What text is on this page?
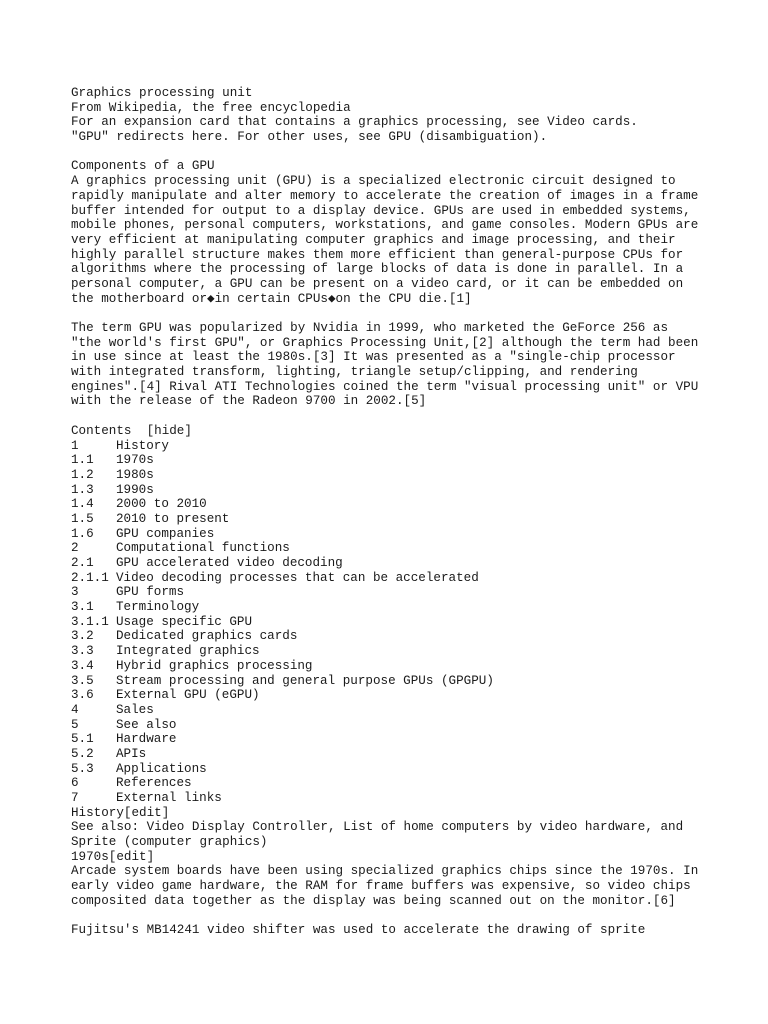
Graphics processing unit
From Wikipedia, the free encyclopedia
For an expansion card that contains a graphics processing, see Video cards.
"GPU" redirects here. For other uses, see GPU (disambiguation).
Components of a GPU
A graphics processing unit (GPU) is a specialized electronic circuit designed to
rapidly manipulate and alter memory to accelerate the creation of images in a frame
buffer intended for output to a display device. GPUs are used in embedded systems,
mobile phones, personal computers, workstations, and game consoles. Modern GPUs are
very efficient at manipulating computer graphics and image processing, and their
highly parallel structure makes them more efficient than general-purpose CPUs for
algorithms where the processing of large blocks of data is done in parallel. In a
personal computer, a GPU can be present on a video card, or it can be embedded on
the motherboard or◆in certain CPUs◆on the CPU die.[1]
The term GPU was popularized by Nvidia in 1999, who marketed the GeForce 256 as
"the world's first GPU", or Graphics Processing Unit,[2] although the term had been
in use since at least the 1980s.[3] It was presented as a "single-chip processor
with integrated transform, lighting, triangle setup/clipping, and rendering
engines".[4] Rival ATI Technologies coined the term "visual processing unit" or VPU
with the release of the Radeon 9700 in 2002.[5]
Contents  [hide]
1	History
1.1	1970s
1.2	1980s
1.3	1990s
1.4	2000 to 2010
1.5	2010 to present
1.6	GPU companies
2	Computational functions
2.1	GPU accelerated video decoding
2.1.1 Video decoding processes that can be accelerated
3	GPU forms
3.1	Terminology
3.1.1 Usage specific GPU
3.2	Dedicated graphics cards
3.3	Integrated graphics
3.4	Hybrid graphics processing
3.5	Stream processing and general purpose GPUs (GPGPU)
3.6	External GPU (eGPU)
4	Sales
5	See also
5.1	Hardware
5.2	APIs
5.3	Applications
6	References
7	External links
History[edit]
See also: Video Display Controller, List of home computers by video hardware, and
Sprite (computer graphics)
1970s[edit]
Arcade system boards have been using specialized graphics chips since the 1970s. In
early video game hardware, the RAM for frame buffers was expensive, so video chips
composited data together as the display was being scanned out on the monitor.[6]
Fujitsu's MB14241 video shifter was used to accelerate the drawing of sprite
